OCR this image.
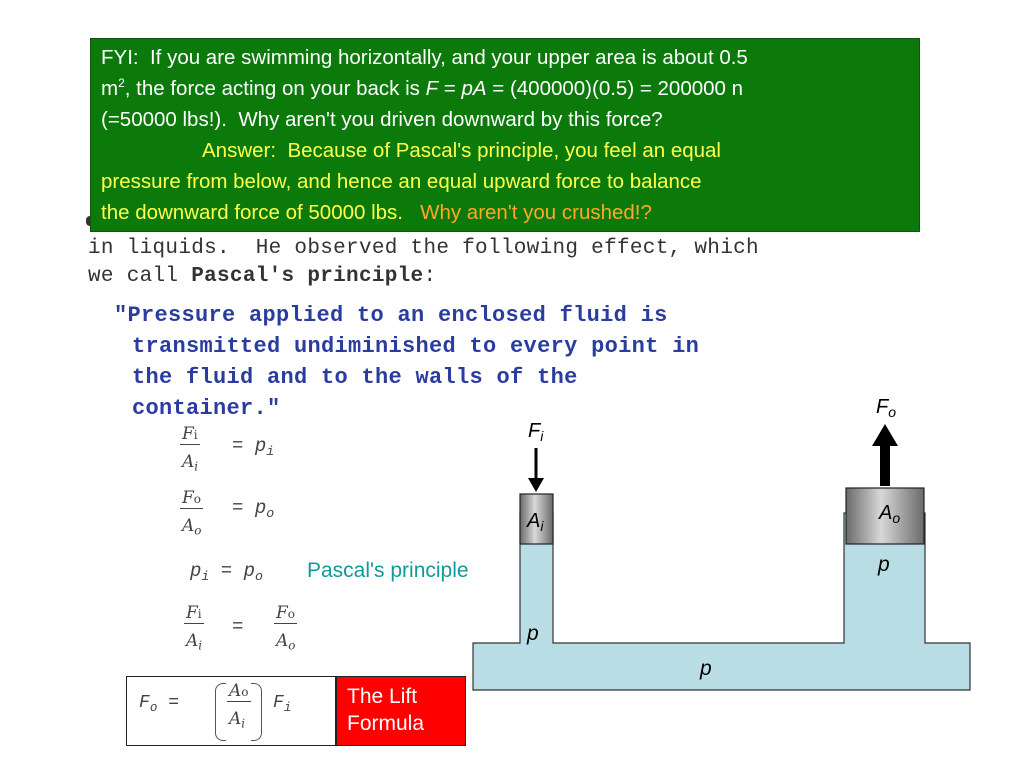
in liquids.  He observed the following effect, which
we call Pascal's principle:
"Pressure applied to an enclosed fluid is
transmitted undiminished to every point in
the fluid and to the walls of the
container."
FYI:  If you are swimming horizontally, and your upper area is about 0.5
$m^2$, the force acting on your back is F = pA = (400000)(0.5) = 200000 n
(=50000 lbs!).  Why aren't you driven downward by this force?
Answer:  Because of Pascal's principle, you feel an equal
pressure from below, and hence an equal upward force to balance
the downward force of 50000 lbs. Why aren't you crushed!?
$\frac{Fi}{A_i} = p_i$
$\frac{Fo}{A_o} = p_o$
$p_i = p_o$ Pascal's principle
$\frac{Fi}{A_i} = \frac{Fo}{A_o}$
$F_o$ =	$\frac{Ao}{A_i} F_i$	The Lift
Formula
$F_i$
$F_o$
$A_i$
$A_o$
p
p
p
